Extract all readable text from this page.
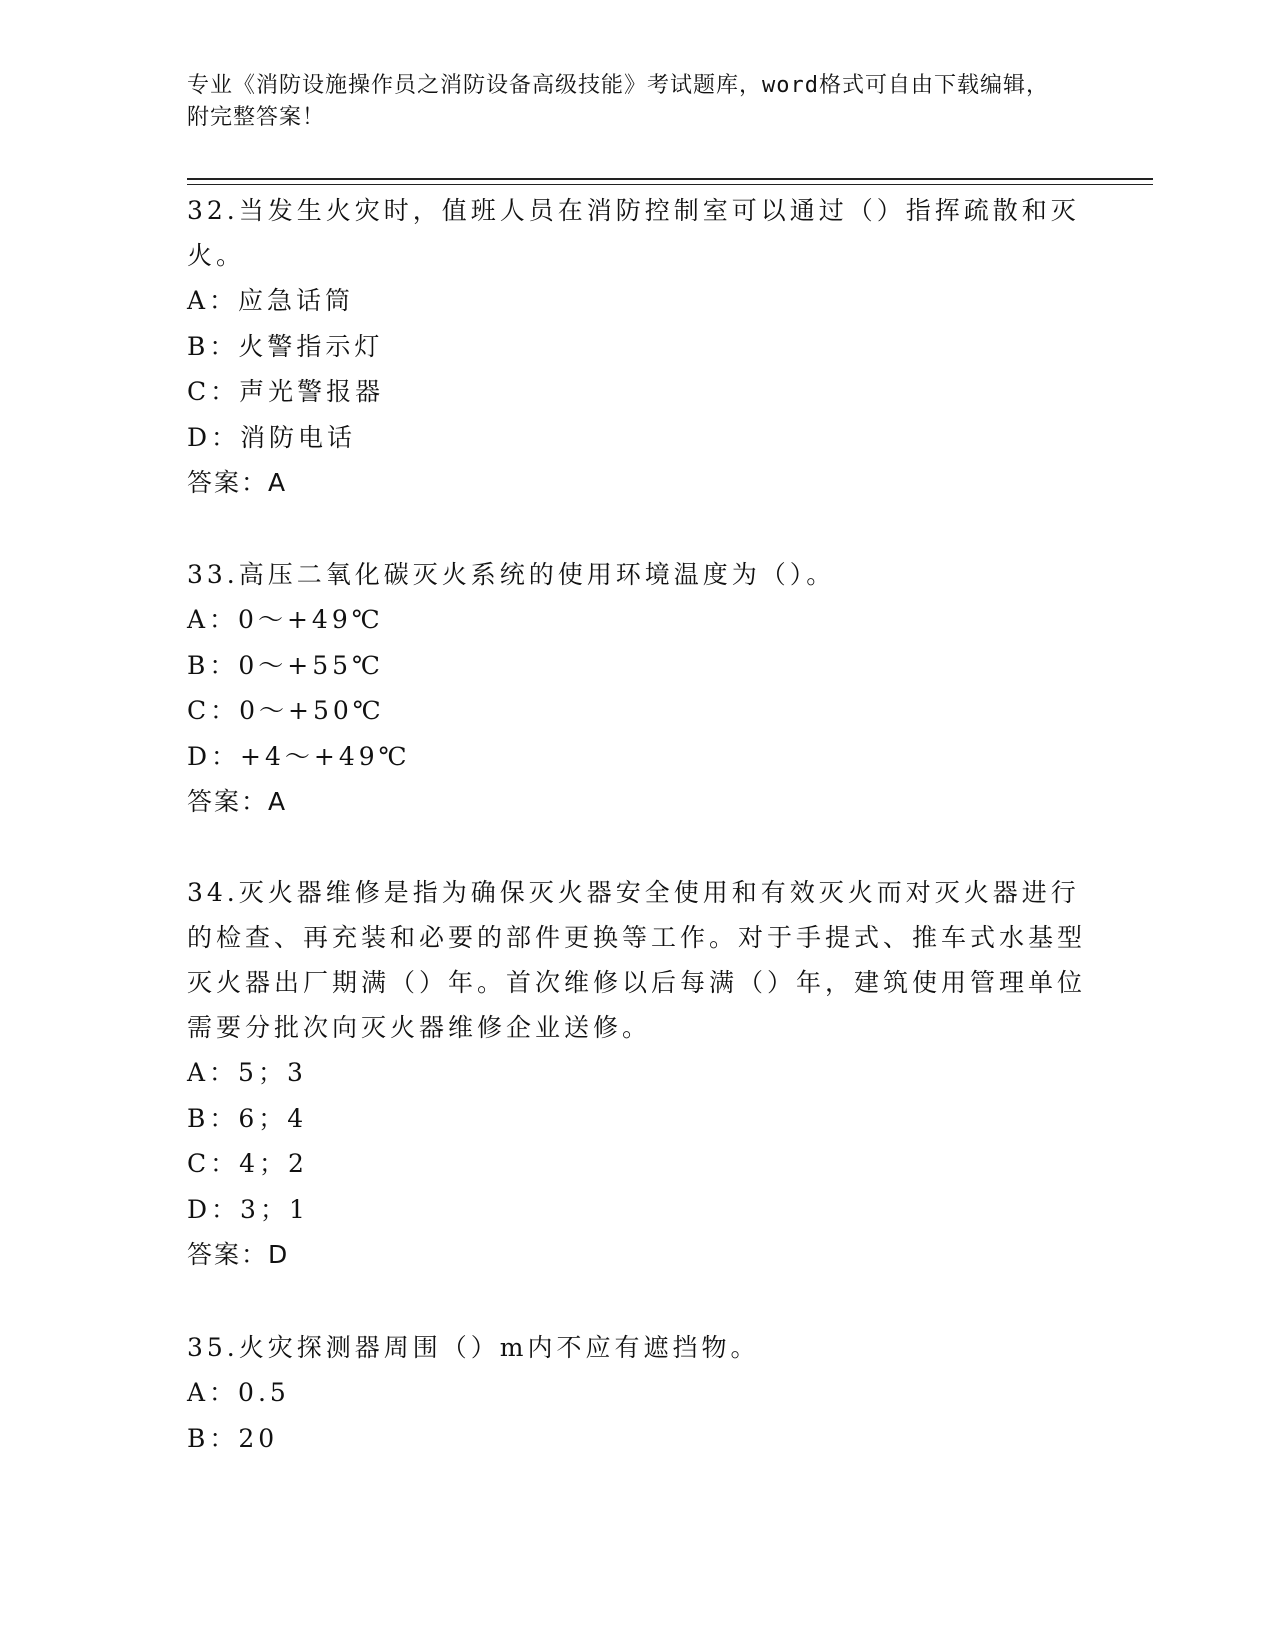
专业《消防设施操作员之消防设备高级技能》考试题库，word格式可自由下载编辑，附完整答案！

32.当发生火灾时，值班人员在消防控制室可以通过（）指挥疏散和灭火。

A：应急话筒

B：火警指示灯

C：声光警报器

D：消防电话

答案：A

33.高压二氧化碳灭火系统的使用环境温度为（）。

A：0～+49℃

B：0～+55℃

C：0～+50℃

D：+4～+49℃

答案：A

34.灭火器维修是指为确保灭火器安全使用和有效灭火而对灭火器进行的检查、再充装和必要的部件更换等工作。对于手提式、推车式水基型灭火器出厂期满（）年。首次维修以后每满（）年，建筑使用管理单位需要分批次向灭火器维修企业送修。

A：5；3

B：6；4

C：4；2

D：3；1

答案：D

35.火灾探测器周围（）m内不应有遮挡物。

A：0.5

B：20
